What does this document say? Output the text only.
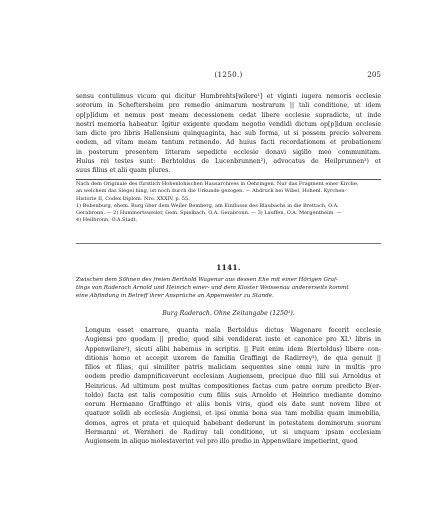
(1250.)	205

sensu contulimus vicum qui dicitur Humbrehts[wilere¹] et viginti iugera nemoris ecclesie
sororum in Scheftersheim pro remedio animarum nostrarum || tali conditione, ut idem
op[p]idum et nemus post meam decessionem cedat libere ecclesie supradicte, ut inde
nostri memoria habeatur. Igitur exigente quodam negotio vendidi dictum op[p]idum ecclesie
iam dicte pro libris Hallensium quinquaginta, hac sub forma, ut si possem precio solverem
eodem, ad vitam meam tantum retinendo. Ad huius facti recordationem et probationem
in posterum presentem litteram sepedicte ecclesie donavi sigillo meo communitam.
Huius rei testes sunt: Berhtoldus de Lucenbrunnen²), advocatus de Heilprunnen³) et
suus filius et alii quam plures.

Nach dem Originale des fürstlich Hohenlohischen Hausarchives in Oehringen. Nur das Fragment einer Kirche,
an welchem das Siegel hing, ist noch durch die Urkunde gezogen. — Abdruck bei Wibel, Hohenl. Kyrchen-
Historie II, Codex Diplom. Nro. XXXIV, p. 55.
1) Bebenburg, ehem. Burg über dem Weiler Bemberg, am Einflusse des Blaubachs in die Brettach, O.A.
Gerabronn. — 2) Hummertsweiler, Gem. Spielbach, O.A. Gerabronn. — 3) Lauffen, O.A. Mergentheim. —
4) Heilbronn, O.A.Stadt.

1141.

Zwischen dem Söhnen des freien Berthold Wagenar aus dessen Ehe mit einer Hörigen Graf-
tings von Raderach Arnold und Heinrich einer- und dem Kloster Weissenau andererseits kommt
eine Abfindung in Betreff ihrer Ansprüche an Appenweiler zu Stande.

Burg Raderach. Ohne Zeitangabe (1250¹).

Longum esset enarrare, quanta mala Bertoldus dictus Wagenare fecerit ecclesie
Augiensi pro quodam || predio, quod sibi vendiderat iuste et canonice pro XL¹ libris in
Appenwilare²), sicuti alibi habemus in scriptis. || Fuit enim idem B(ertoldus) libere con-
ditionis homo et accepit uxorem de familia Graffingi de Radirrey³), de qua genuit ||
filios et filias, qui similiter patris maliciam sequentes sine omni iure in multis pro
eodem predio dampnificaverunt ecclesiam Augiensem, precipue duo filii sui Arnoldus et
Heinricus. Ad ultimum post multas compositiones factas cum patre eorum predicto B(er-
toldo) facta est talis compositio cum filiis suis Arnoldo et Heinrico mediante domino
eorum Hermanno Grafftingo et aliis bonis viris, quod eis date sunt novem libre et
quatuor solidi ab ecclesia Augiensi, et ipsi omnia bona sua tam mobilia quam immobilia,
domos, agros et prata et quicquid habebant dederunt in potestatem dominorum suorum
Hermanni et Wernheri de Radiray tali conditione, ut si unquam ipsam ecclesiam
Augiensem in aliquo molestaverint vel pro illo predio in Appenwilare impetierint, quod
